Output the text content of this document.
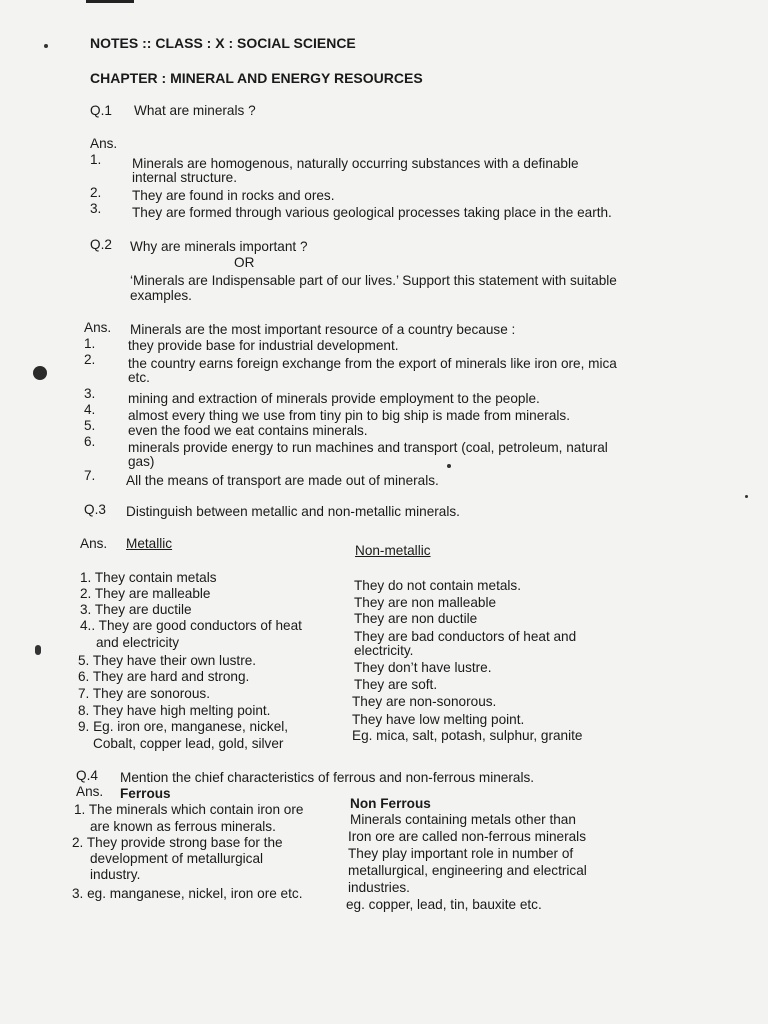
NOTES :: CLASS : X : SOCIAL SCIENCE
CHAPTER : MINERAL AND ENERGY RESOURCES
Q.1 What are minerals ?
Ans.
1. Minerals are homogenous, naturally occurring substances with a definable
internal structure.
2. They are found in rocks and ores.
3. They are formed through various geological processes taking place in the earth.
Q.2 Why are minerals important ?
OR
‘Minerals are Indispensable part of our lives.’ Support this statement with suitable
examples.
Ans. Minerals are the most important resource of a country because :
1. they provide base for industrial development.
2. the country earns foreign exchange from the export of minerals like iron ore, mica
etc.
3. mining and extraction of minerals provide employment to the people.
4. almost every thing we use from tiny pin to big ship is made from minerals.
5. even the food we eat contains minerals.
6. minerals provide energy to run machines and transport (coal, petroleum, natural
gas)
7. All the means of transport are made out of minerals.
Q.3 Distinguish between metallic and non-metallic minerals.
Ans. Metallic	Non-metallic
1. They contain metals
2. They are malleable
3. They are ductile
4.. They are good conductors of heat
and electricity
5. They have their own lustre.
6. They are hard and strong.
7. They are sonorous.
8. They have high melting point.
9. Eg. iron ore, manganese, nickel,
Cobalt, copper lead, gold, silver
They do not contain metals.
They are non malleable
They are non ductile
They are bad conductors of heat and
electricity.
They don’t have lustre.
They are soft.
They are non-sonorous.
They have low melting point.
Eg. mica, salt, potash, sulphur, granite
Q.4 Mention the chief characteristics of ferrous and non-ferrous minerals.
Ans. Ferrous
Non Ferrous
1. The minerals which contain iron ore
are known as ferrous minerals.
2. They provide strong base for the
development of metallurgical
industry.
3. eg. manganese, nickel, iron ore etc.
Minerals containing metals other than
Iron ore are called non-ferrous minerals
They play important role in number of
metallurgical, engineering and electrical
industries.
eg. copper, lead, tin, bauxite etc.
